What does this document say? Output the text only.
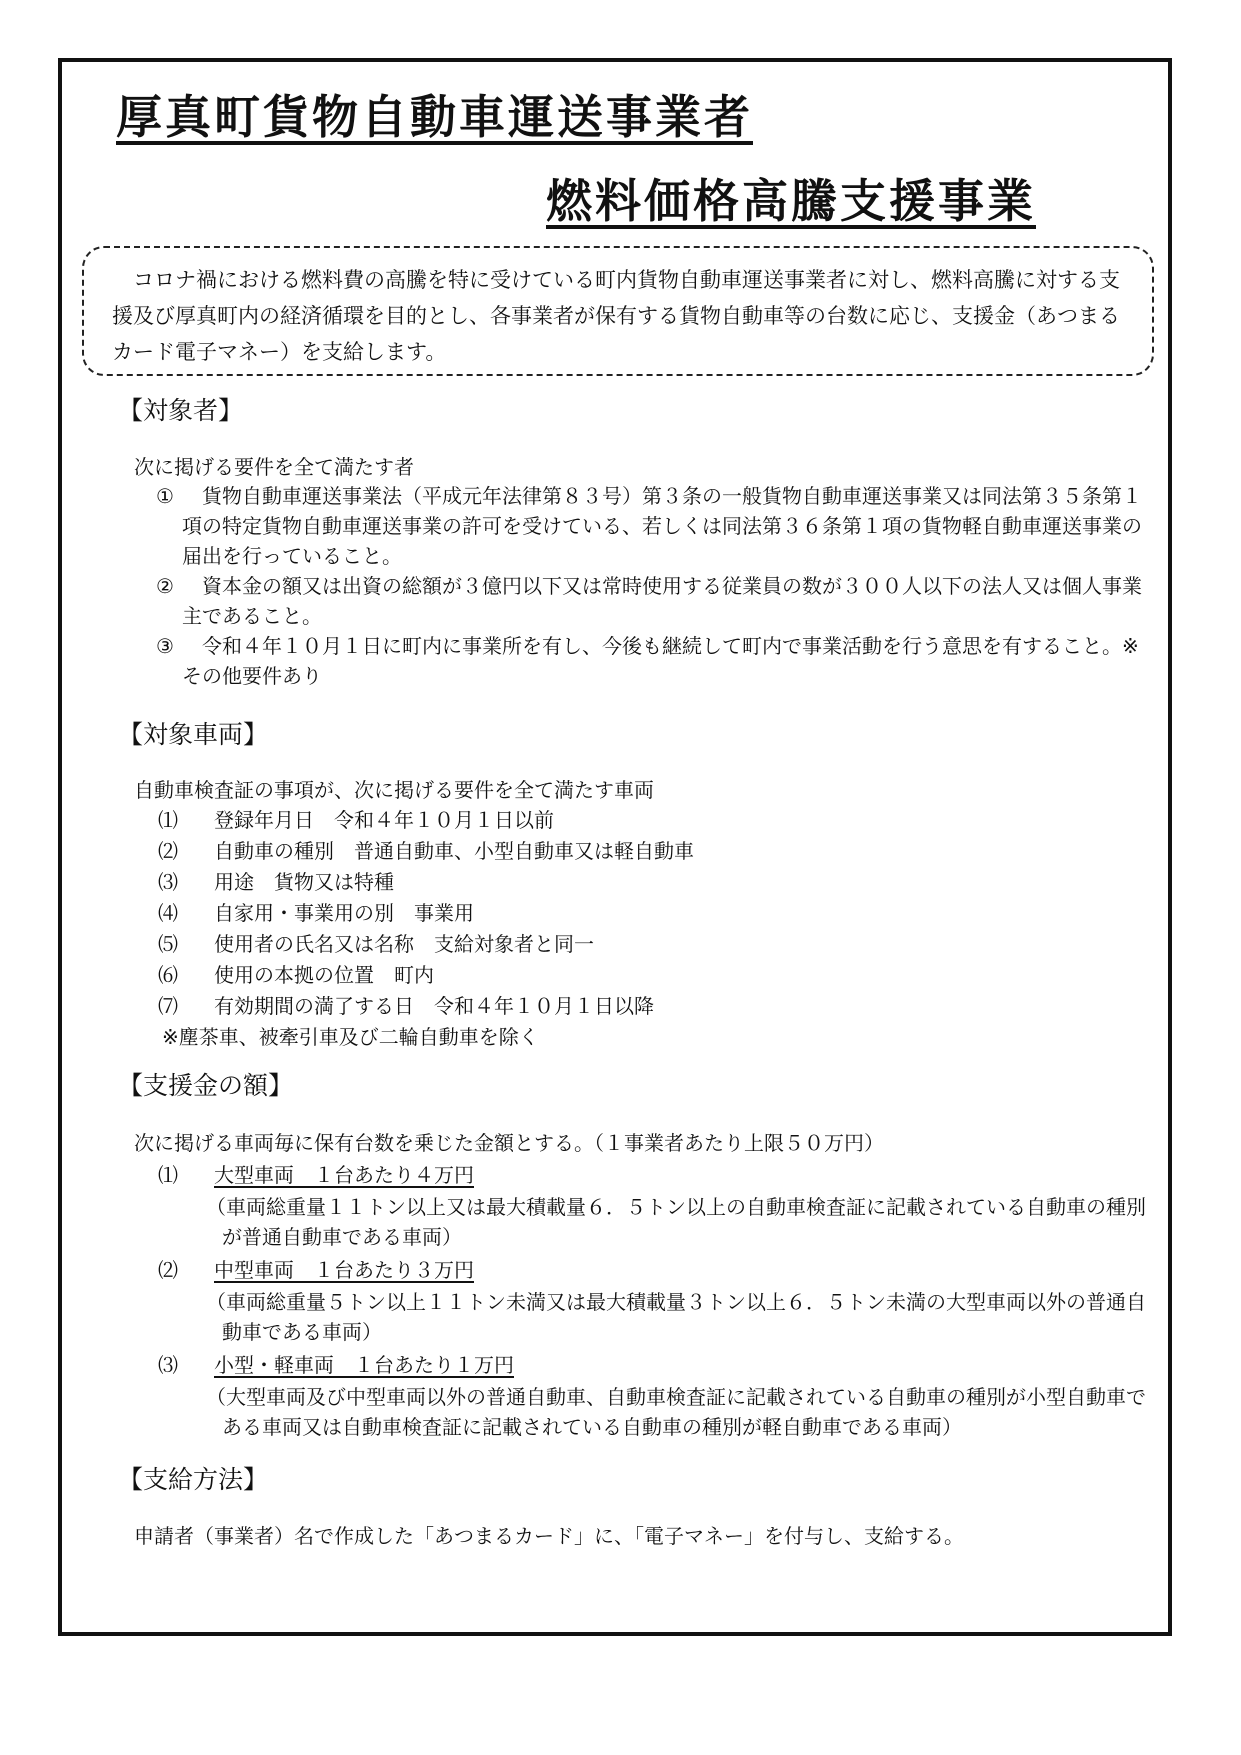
厚真町貨物自動車運送事業者
燃料価格高騰支援事業
コロナ禍における燃料費の高騰を特に受けている町内貨物自動車運送事業者に対し、燃料高騰に対する支援及び厚真町内の経済循環を目的とし、各事業者が保有する貨物自動車等の台数に応じ、支援金（あつまるカード電子マネー）を支給します。
【対象者】
次に掲げる要件を全て満たす者
①	貨物自動車運送事業法（平成元年法律第８３号）第３条の一般貨物自動車運送事業又は同法第３５条第１項の特定貨物自動車運送事業の許可を受けている、若しくは同法第３６条第１項の貨物軽自動車運送事業の届出を行っていること。
②	資本金の額又は出資の総額が３億円以下又は常時使用する従業員の数が３００人以下の法人又は個人事業主であること。
③	令和４年１０月１日に町内に事業所を有し、今後も継続して町内で事業活動を行う意思を有すること。※その他要件あり
【対象車両】
自動車検査証の事項が、次に掲げる要件を全て満たす車両
⑴ 登録年月日　令和４年１０月１日以前
⑵ 自動車の種別　普通自動車、小型自動車又は軽自動車
⑶ 用途　貨物又は特種
⑷ 自家用・事業用の別　事業用
⑸ 使用者の氏名又は名称　支給対象者と同一
⑹ 使用の本拠の位置　町内
⑺ 有効期間の満了する日　令和４年１０月１日以降
※塵茶車、被牽引車及び二輪自動車を除く
【支援金の額】
次に掲げる車両毎に保有台数を乗じた金額とする。（１事業者あたり上限５０万円）
⑴ 大型車両　１台あたり４万円
（車両総重量１１トン以上又は最大積載量６．５トン以上の自動車検査証に記載されている自動車の種別が普通自動車である車両）
⑵ 中型車両　１台あたり３万円
（車両総重量５トン以上１１トン未満又は最大積載量３トン以上６．５トン未満の大型車両以外の普通自動車である車両）
⑶ 小型・軽車両　１台あたり１万円
（大型車両及び中型車両以外の普通自動車、自動車検査証に記載されている自動車の種別が小型自動車である車両又は自動車検査証に記載されている自動車の種別が軽自動車である車両）
【支給方法】
申請者（事業者）名で作成した「あつまるカード」に、「電子マネー」を付与し、支給する。
